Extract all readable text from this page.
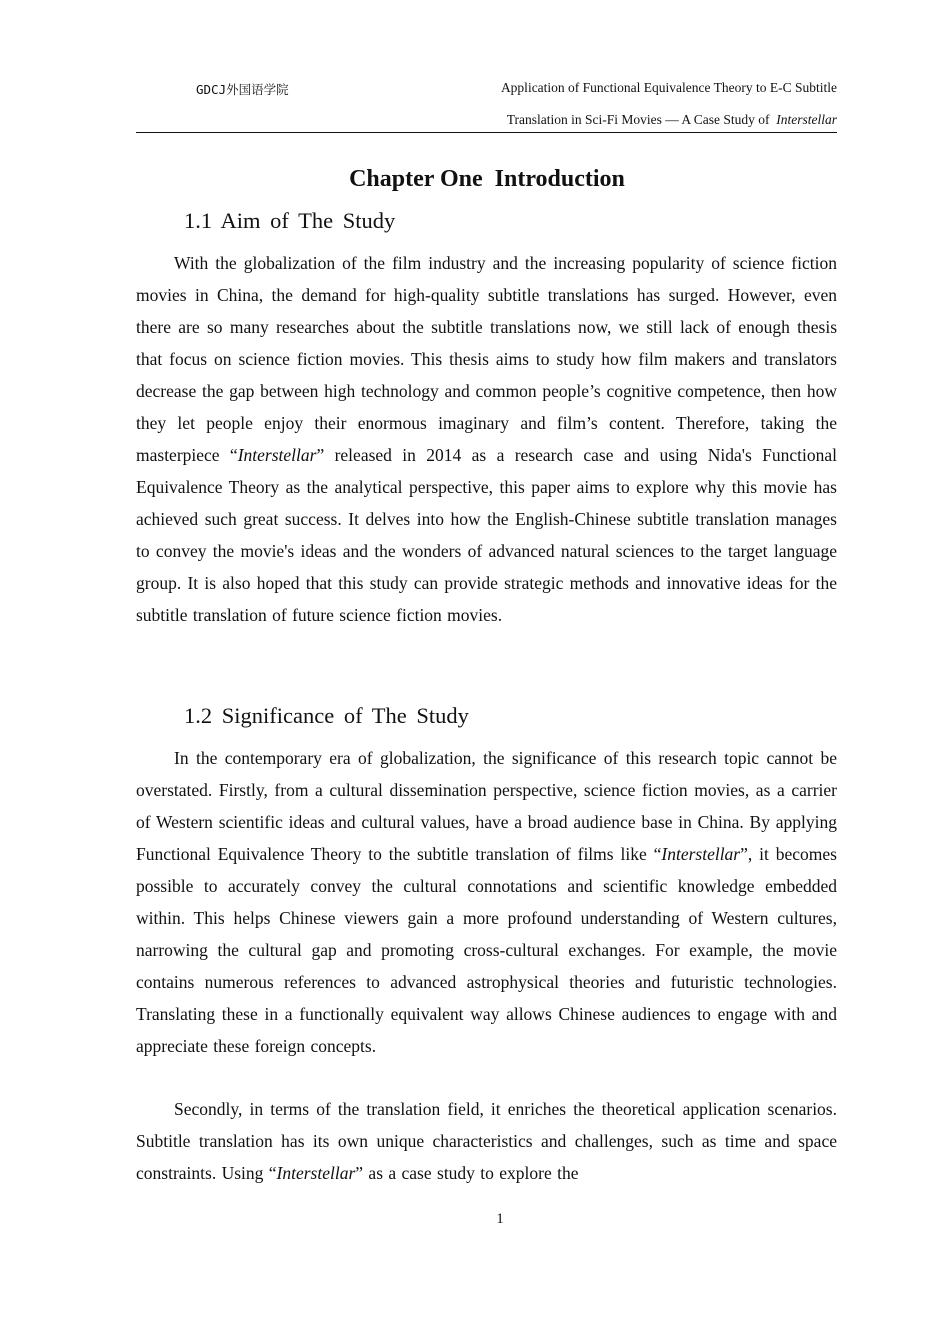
GDCJ外国语学院	Application of Functional Equivalence Theory to E-C Subtitle
Translation in Sci-Fi Movies — A Case Study of Interstellar
Chapter One  Introduction
1.1 Aim of The Study

With the globalization of the film industry and the increasing popularity of science fiction movies in China, the demand for high-quality subtitle translations has surged. However, even there are so many researches about the subtitle translations now, we still lack of enough thesis that focus on science fiction movies. This thesis aims to study how film makers and translators decrease the gap between high technology and common people’s cognitive competence, then how they let people enjoy their enormous imaginary and film’s content. Therefore, taking the masterpiece “Interstellar” released in 2014 as a research case and using Nida's Functional Equivalence Theory as the analytical perspective, this paper aims to explore why this movie has achieved such great success. It delves into how the English-Chinese subtitle translation manages to convey the movie's ideas and the wonders of advanced natural sciences to the target language group. It is also hoped that this study can provide strategic methods and innovative ideas for the subtitle translation of future science fiction movies.

1.2 Significance of The Study

In the contemporary era of globalization, the significance of this research topic cannot be overstated. Firstly, from a cultural dissemination perspective, science fiction movies, as a carrier of Western scientific ideas and cultural values, have a broad audience base in China. By applying Functional Equivalence Theory to the subtitle translation of films like “Interstellar”, it becomes possible to accurately convey the cultural connotations and scientific knowledge embedded within. This helps Chinese viewers gain a more profound understanding of Western cultures, narrowing the cultural gap and promoting cross-cultural exchanges. For example, the movie contains numerous references to advanced astrophysical theories and futuristic technologies. Translating these in a functionally equivalent way allows Chinese audiences to engage with and appreciate these foreign concepts.

Secondly, in terms of the translation field, it enriches the theoretical application scenarios. Subtitle translation has its own unique characteristics and challenges, such as time and space constraints. Using “Interstellar” as a case study to explore the

1
